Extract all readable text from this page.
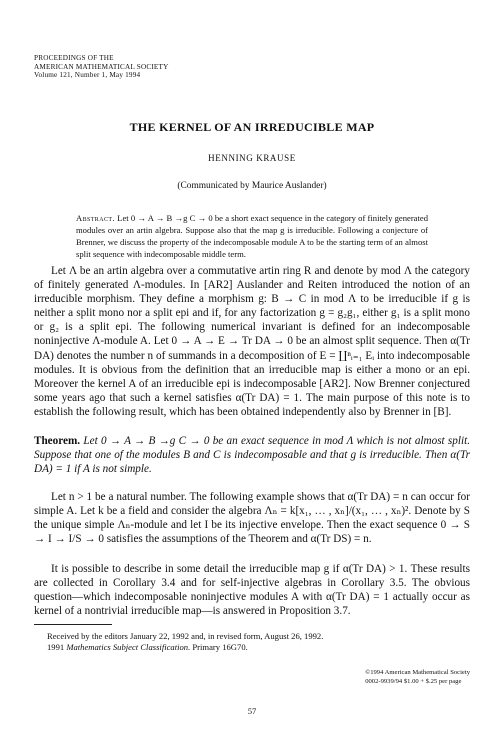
PROCEEDINGS OF THE
AMERICAN MATHEMATICAL SOCIETY
Volume 121, Number 1, May 1994
THE KERNEL OF AN IRREDUCIBLE MAP
HENNING KRAUSE
(Communicated by Maurice Auslander)
Abstract. Let 0 → A → B →g C → 0 be a short exact sequence in the category of finitely generated modules over an artin algebra. Suppose also that the map g is irreducible. Following a conjecture of Brenner, we discuss the property of the indecomposable module A to be the starting term of an almost split sequence with indecomposable middle term.
Let Λ be an artin algebra over a commutative artin ring R and denote by mod Λ the category of finitely generated Λ-modules. In [AR2] Auslander and Reiten introduced the notion of an irreducible morphism. They define a morphism g: B → C in mod Λ to be irreducible if g is neither a split mono nor a split epi and if, for any factorization g = g₂g₁, either g₁ is a split mono or g₂ is a split epi. The following numerical invariant is defined for an indecomposable noninjective Λ-module A. Let 0 → A → E → Tr DA → 0 be an almost split sequence. Then α(Tr DA) denotes the number n of summands in a decomposition of E = ∐ⁿᵢ₌₁ Eᵢ into indecomposable modules. It is obvious from the definition that an irreducible map is either a mono or an epi. Moreover the kernel A of an irreducible epi is indecomposable [AR2]. Now Brenner conjectured some years ago that such a kernel satisfies α(Tr DA) = 1. The main purpose of this note is to establish the following result, which has been obtained independently also by Brenner in [B].
Theorem. Let 0 → A → B →g C → 0 be an exact sequence in mod Λ which is not almost split. Suppose that one of the modules B and C is indecomposable and that g is irreducible. Then α(Tr DA) = 1 if A is not simple.
Let n > 1 be a natural number. The following example shows that α(Tr DA) = n can occur for simple A. Let k be a field and consider the algebra Λₙ = k[x₁, … , xₙ]/(x₁, … , xₙ)². Denote by S the unique simple Λₙ-module and let I be its injective envelope. Then the exact sequence 0 → S → I → I/S → 0 satisfies the assumptions of the Theorem and α(Tr DS) = n.
It is possible to describe in some detail the irreducible map g if α(Tr DA) > 1. These results are collected in Corollary 3.4 and for self-injective algebras in Corollary 3.5. The obvious question—which indecomposable noninjective modules A with α(Tr DA) = 1 actually occur as kernel of a nontrivial irreducible map—is answered in Proposition 3.7.
Received by the editors January 22, 1992 and, in revised form, August 26, 1992.
1991 Mathematics Subject Classification. Primary 16G70.
©1994 American Mathematical Society
0002-9939/94 $1.00 + $.25 per page
57
